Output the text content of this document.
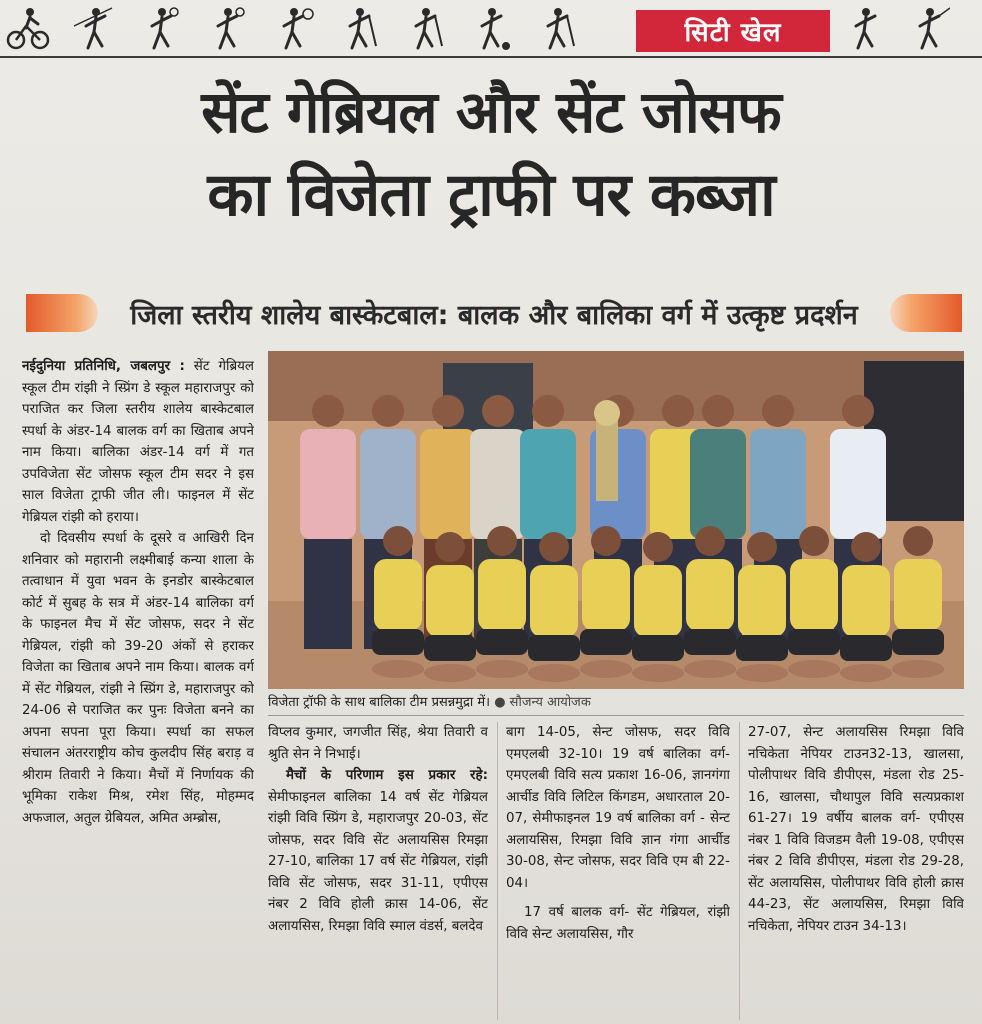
सिटी खेल
सेंट गेब्रियल और सेंट जोसफ
का विजेता ट्राफी पर कब्जा
जिला स्तरीय शालेय बास्केटबाल: बालक और बालिका वर्ग में उत्कृष्ट प्रदर्शन

नईदुनिया प्रतिनिधि, जबलपुर : सेंट गेब्रियल स्कूल टीम रांझी ने स्प्रिंग डे स्कूल महाराजपुर को पराजित कर जिला स्तरीय शालेय बास्केटबाल स्पर्धा के अंडर-14 बालक वर्ग का खिताब अपने नाम किया। बालिका अंडर-14 वर्ग में गत उपविजेता सेंट जोसफ स्कूल टीम सदर ने इस साल विजेता ट्राफी जीत ली। फाइनल में सेंट गेब्रियल रांझी को हराया।

दो दिवसीय स्पर्धा के दूसरे व आखिरी दिन शनिवार को महारानी लक्ष्मीबाई कन्या शाला के तत्वाधान में युवा भवन के इनडोर बास्केटबाल कोर्ट में सुबह के सत्र में अंडर-14 बालिका वर्ग के फाइनल मैच में सेंट जोसफ, सदर ने सेंट गेब्रियल, रांझी को 39-20 अंकों से हराकर विजेता का खिताब अपने नाम किया। बालक वर्ग में सेंट गेब्रियल, रांझी ने स्प्रिंग डे, महाराजपुर को 24-06 से पराजित कर पुनः विजेता बनने का अपना सपना पूरा किया। स्पर्धा का सफल संचालन अंतरराष्ट्रीय कोच कुलदीप सिंह बराड़ व श्रीराम तिवारी ने किया। मैचों में निर्णायक की भूमिका राकेश मिश्र, रमेश सिंह, मोहम्मद अफजाल, अतुल ग्रेबियल, अमित अम्ब्रोस,

विजेता ट्रॉफी के साथ बालिका टीम प्रसन्नमुद्रा में। ● सौजन्य आयोजक

विप्लव कुमार, जगजीत सिंह, श्रेया तिवारी व श्रुति सेन ने निभाई।

मैचों के परिणाम इस प्रकार रहे: सेमीफाइनल बालिका 14 वर्ष सेंट गेब्रियल रांझी विवि स्प्रिंग डे, महाराजपुर 20-03, सेंट जोसफ, सदर विवि सेंट अलायसिस रिमझा 27-10, बालिका 17 वर्ष सेंट गेब्रियल, रांझी विवि सेंट जोसफ, सदर 31-11, एपीएस नंबर 2 विवि होली क्रास 14-06, सेंट अलायसिस, रिमझा विवि स्माल वंडर्स, बलदेव

बाग 14-05, सेन्ट जोसफ, सदर विवि एमएलबी 32-10। 19 वर्ष बालिका वर्ग- एमएलबी विवि सत्य प्रकाश 16-06, ज्ञानगंगा आर्चीड विवि लिटिल किंगडम, अधारताल 20-07, सेमीफाइनल 19 वर्ष बालिका वर्ग - सेन्ट अलायसिस, रिमझा विवि ज्ञान गंगा आर्चीड 30-08, सेन्ट जोसफ, सदर विवि एम बी 22-04।

17 वर्ष बालक वर्ग- सेंट गेब्रियल, रांझी विवि सेन्ट अलायसिस, गौर

27-07, सेन्ट अलायसिस रिमझा विवि नचिकेता नेपियर टाउन32-13, खालसा, पोलीपाथर विवि डीपीएस, मंडला रोड 25-16, खालसा, चौथापुल विवि सत्यप्रकाश 61-27। 19 वर्षीय बालक वर्ग- एपीएस नंबर 1 विवि विजडम वैली 19-08, एपीएस नंबर 2 विवि डीपीएस, मंडला रोड 29-28, सेंट अलायसिस, पोलीपाथर विवि होली क्रास 44-23, सेंट अलायसिस, रिमझा विवि नचिकेता, नेपियर टाउन 34-13।
